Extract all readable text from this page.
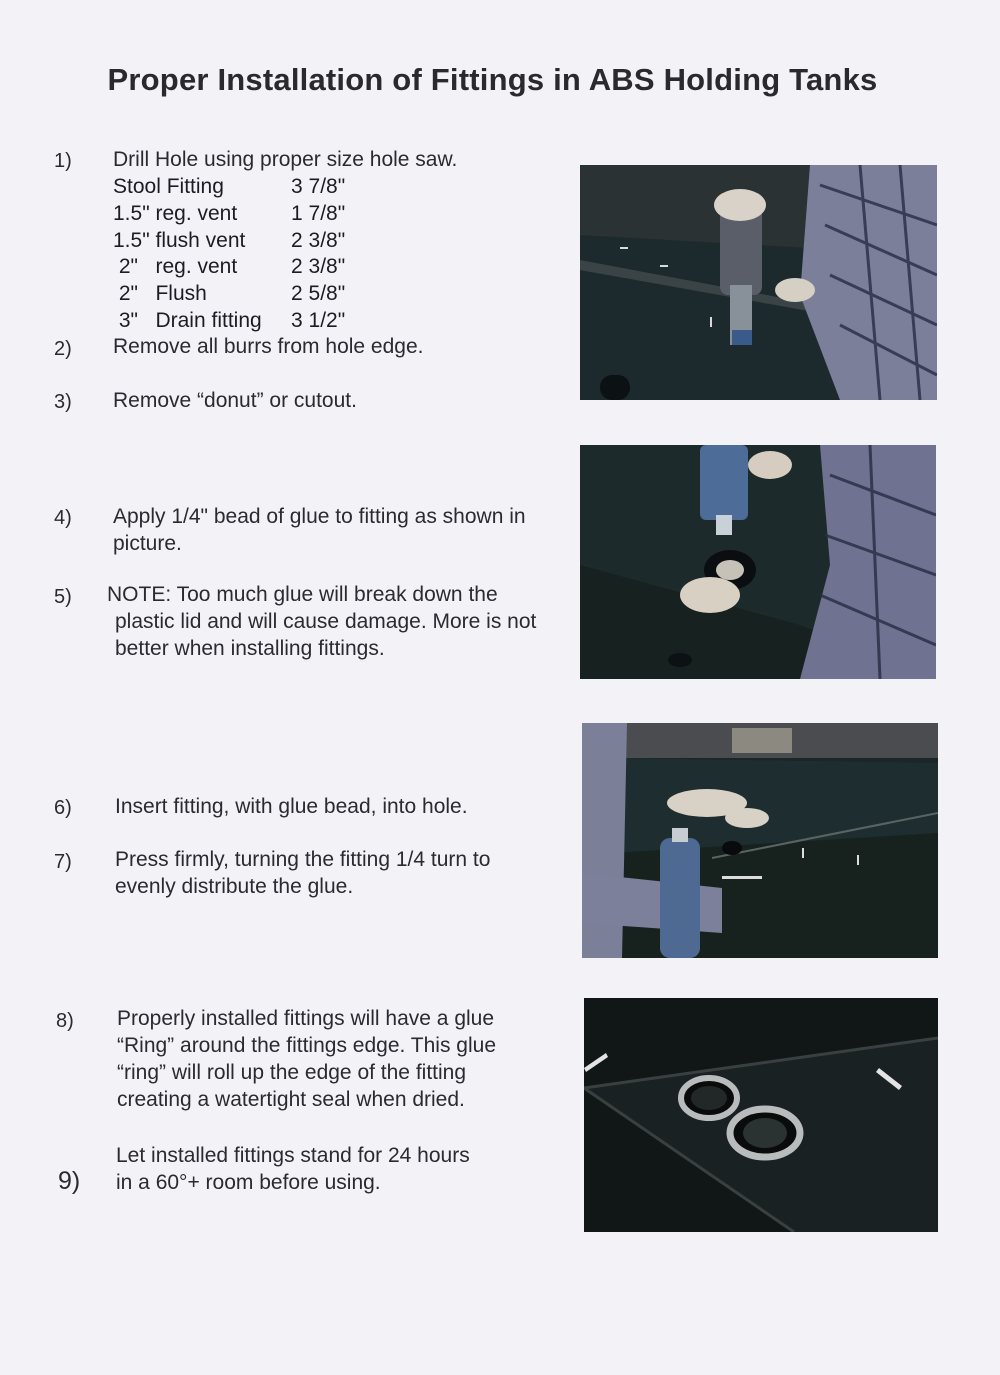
Proper Installation of Fittings in ABS Holding Tanks
1) Drill Hole using proper size hole saw.
Stool Fitting	3 7/8"
1.5" reg. vent	1 7/8"
1.5" flush vent	2 3/8"
2"   reg. vent	2 3/8"
2"   Flush	2 5/8"
3"   Drain fitting	3 1/2"
2) Remove all burrs from hole edge.
3) Remove “donut” or cutout.
4) Apply 1/4" bead of glue to fitting as shown in
picture.
5) NOTE: Too much glue will break down the
plastic lid and will cause damage. More is not
better when installing fittings.
6) Insert fitting, with glue bead, into hole.
7) Press firmly, turning the fitting 1/4 turn to
evenly distribute the glue.
8) Properly installed fittings will have a glue
“Ring” around the fittings edge. This glue
“ring” will roll up the edge of the fitting
creating a watertight seal when dried.
9)
Let installed fittings stand for 24 hours
in a 60°+ room before using.
